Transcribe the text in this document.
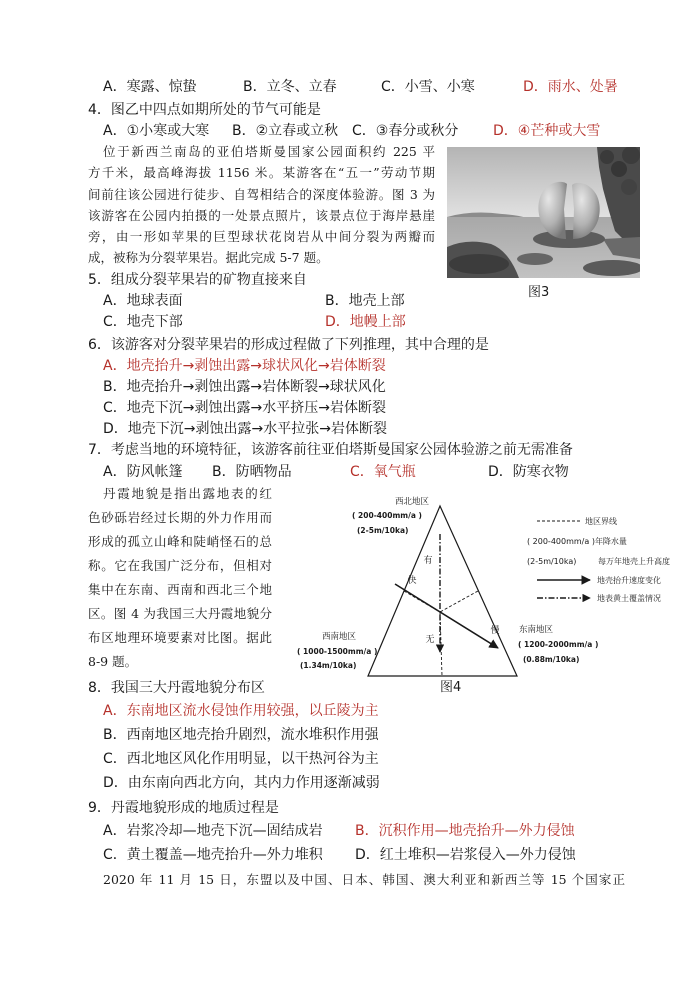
A．寒露、惊蛰	B．立冬、立春	C．小雪、小寒	D．雨水、处暑
4．图乙中四点如期所处的节气可能是
A．①小寒或大寒 B．②立春或立秋 C．③春分或秋分 D．④芒种或大雪
位于新西兰南岛的亚伯塔斯曼国家公园面积约 225 平
方千米，最高峰海拔 1156 米。某游客在“五一”劳动节期
间前往该公园进行徒步、自驾相结合的深度体验游。图 3 为
该游客在公园内拍摄的一处景点照片，该景点位于海岸悬崖
旁，由一形如苹果的巨型球状花岗岩从中间分裂为两瓣而
成，被称为分裂苹果岩。据此完成 5-7 题。
图3
5．组成分裂苹果岩的矿物直接来自
A．地球表面	B．地壳上部
C．地壳下部	D．地幔上部
6．该游客对分裂苹果岩的形成过程做了下列推理，其中合理的是
A．地壳抬升→剥蚀出露→球状风化→岩体断裂
B．地壳抬升→剥蚀出露→岩体断裂→球状风化
C．地壳下沉→剥蚀出露→水平挤压→岩体断裂
D．地壳下沉→剥蚀出露→水平拉张→岩体断裂
7．考虑当地的环境特征，该游客前往亚伯塔斯曼国家公园体验游之前无需准备
A．防风帐篷 B．防晒物品	C．氧气瓶	D．防寒衣物
丹霞地貌是指出露地表的红
色砂砾岩经过长期的外力作用而
形成的孤立山峰和陡峭怪石的总
称。它在我国广泛分布，但相对
集中在东南、西南和西北三个地
区。图 4 为我国三大丹霞地貌分
布区地理环境要素对比图。据此
8-9 题。
西北地区
( 200-400mm/a )
(2-5m/10ka)
西南地区
( 1000-1500mm/a )
(1.34m/10ka)
东南地区
( 1200-2000mm/a )
(0.88m/10ka)
有
无
快
慢
地区界线
( 200-400mm/a )年降水量
(2-5m/10ka)	每万年地壳上升高度
地壳抬升速度变化
地表黄土覆盖情况
图4
8．我国三大丹霞地貌分布区
A．东南地区流水侵蚀作用较强，以丘陵为主
B．西南地区地壳抬升剧烈，流水堆积作用强
C．西北地区风化作用明显，以干热河谷为主
D．由东南向西北方向，其内力作用逐渐减弱
9．丹霞地貌形成的地质过程是
A．岩浆冷却—地壳下沉—固结成岩 B．沉积作用—地壳抬升—外力侵蚀
C．黄土覆盖—地壳抬升—外力堆积 D．红土堆积—岩浆侵入—外力侵蚀
2020 年 11 月 15 日，东盟以及中国、日本、韩国、澳大利亚和新西兰等 15 个国家正
